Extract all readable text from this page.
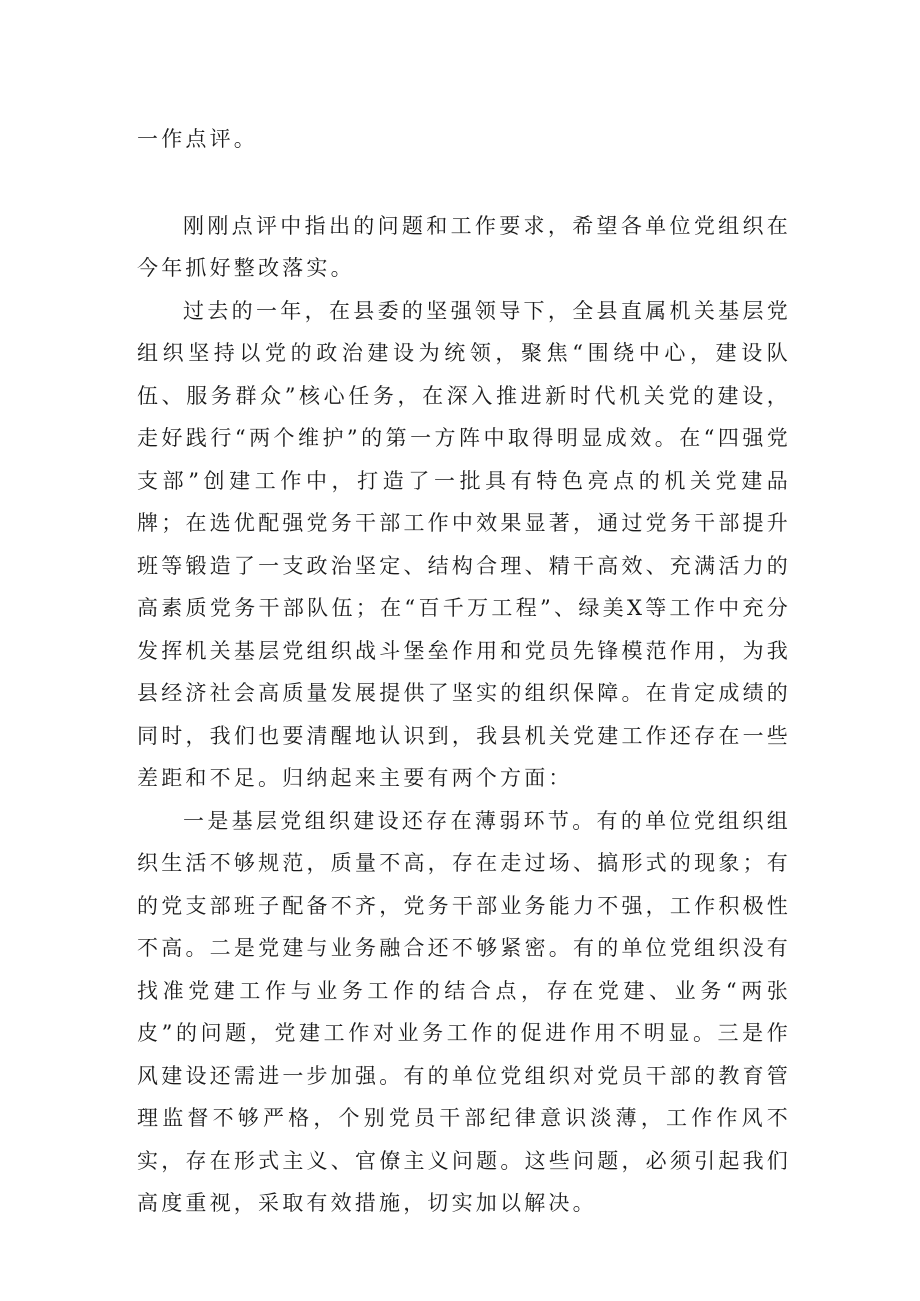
一作点评。

刚刚点评中指出的问题和工作要求，希望各单位党组织在今年抓好整改落实。

过去的一年，在县委的坚强领导下，全县直属机关基层党组织坚持以党的政治建设为统领，聚焦“围绕中心，建设队伍、服务群众”核心任务，在深入推进新时代机关党的建设，走好践行“两个维护”的第一方阵中取得明显成效。在“四强党支部”创建工作中，打造了一批具有特色亮点的机关党建品牌；在选优配强党务干部工作中效果显著，通过党务干部提升班等锻造了一支政治坚定、结构合理、精干高效、充满活力的高素质党务干部队伍；在“百千万工程”、绿美X等工作中充分发挥机关基层党组织战斗堡垒作用和党员先锋模范作用，为我县经济社会高质量发展提供了坚实的组织保障。在肯定成绩的同时，我们也要清醒地认识到，我县机关党建工作还存在一些差距和不足。归纳起来主要有两个方面：

一是基层党组织建设还存在薄弱环节。有的单位党组织组织生活不够规范，质量不高，存在走过场、搞形式的现象；有的党支部班子配备不齐，党务干部业务能力不强，工作积极性不高。二是党建与业务融合还不够紧密。有的单位党组织没有找准党建工作与业务工作的结合点，存在党建、业务“两张皮”的问题，党建工作对业务工作的促进作用不明显。三是作风建设还需进一步加强。有的单位党组织对党员干部的教育管理监督不够严格，个别党员干部纪律意识淡薄，工作作风不实，存在形式主义、官僚主义问题。这些问题，必须引起我们高度重视，采取有效措施，切实加以解决。
